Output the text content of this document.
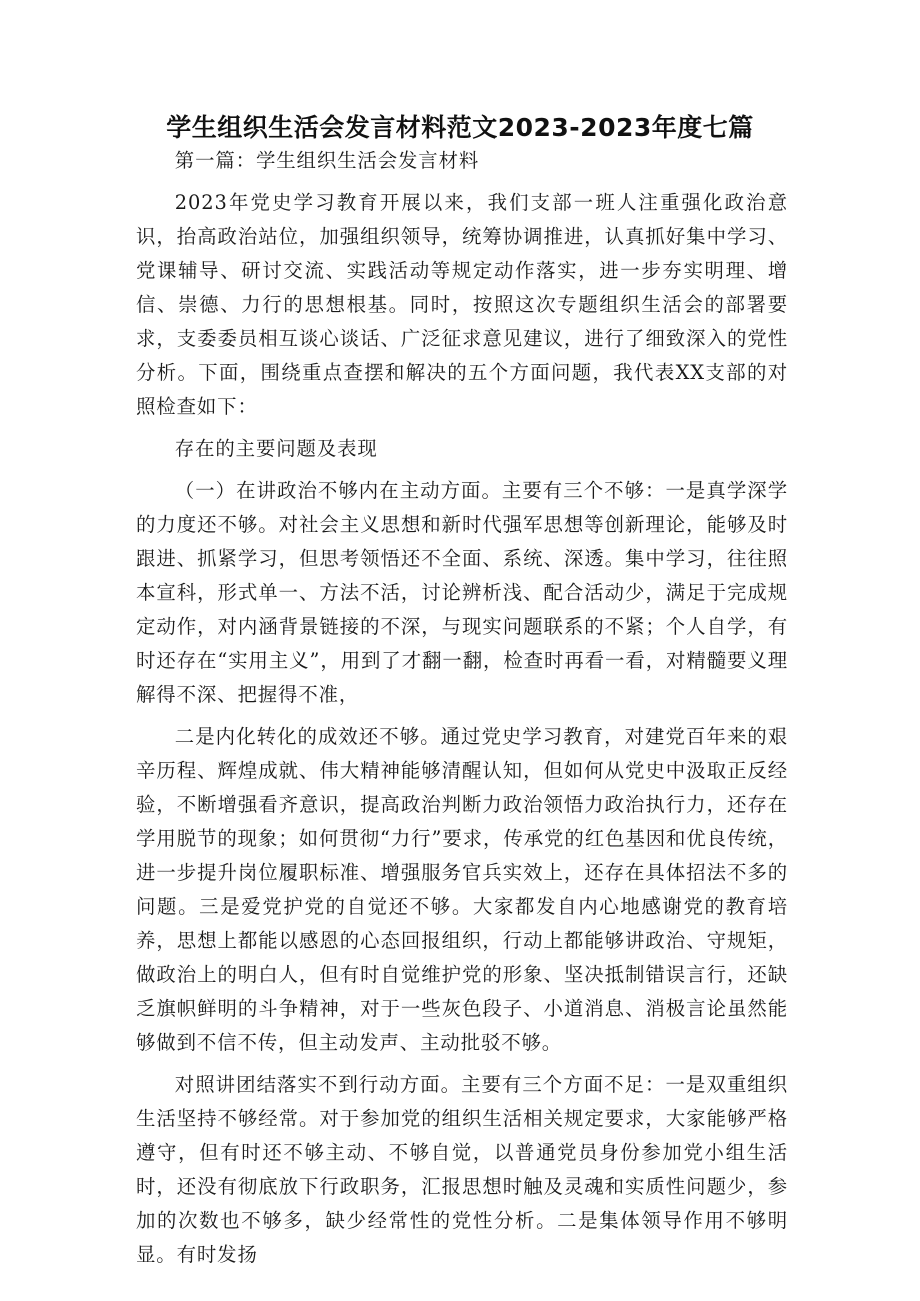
学生组织生活会发言材料范文2023-2023年度七篇

第一篇：学生组织生活会发言材料

2023年党史学习教育开展以来，我们支部一班人注重强化政治意识，抬高政治站位，加强组织领导，统筹协调推进，认真抓好集中学习、党课辅导、研讨交流、实践活动等规定动作落实，进一步夯实明理、增信、崇德、力行的思想根基。同时，按照这次专题组织生活会的部署要求，支委委员相互谈心谈话、广泛征求意见建议，进行了细致深入的党性分析。下面，围绕重点查摆和解决的五个方面问题，我代表XX支部的对照检查如下：

存在的主要问题及表现

（一）在讲政治不够内在主动方面。主要有三个不够：一是真学深学的力度还不够。对社会主义思想和新时代强军思想等创新理论，能够及时跟进、抓紧学习，但思考领悟还不全面、系统、深透。集中学习，往往照本宣科，形式单一、方法不活，讨论辨析浅、配合活动少，满足于完成规定动作，对内涵背景链接的不深，与现实问题联系的不紧；个人自学，有时还存在“实用主义”，用到了才翻一翻，检查时再看一看，对精髓要义理解得不深、把握得不准，

二是内化转化的成效还不够。通过党史学习教育，对建党百年来的艰辛历程、辉煌成就、伟大精神能够清醒认知，但如何从党史中汲取正反经验，不断增强看齐意识，提高政治判断力政治领悟力政治执行力，还存在学用脱节的现象；如何贯彻“力行”要求，传承党的红色基因和优良传统，进一步提升岗位履职标准、增强服务官兵实效上，还存在具体招法不多的问题。三是爱党护党的自觉还不够。大家都发自内心地感谢党的教育培养，思想上都能以感恩的心态回报组织，行动上都能够讲政治、守规矩，做政治上的明白人，但有时自觉维护党的形象、坚决抵制错误言行，还缺乏旗帜鲜明的斗争精神，对于一些灰色段子、小道消息、消极言论虽然能够做到不信不传，但主动发声、主动批驳不够。

对照讲团结落实不到行动方面。主要有三个方面不足：一是双重组织生活坚持不够经常。对于参加党的组织生活相关规定要求，大家能够严格遵守，但有时还不够主动、不够自觉，以普通党员身份参加党小组生活时，还没有彻底放下行政职务，汇报思想时触及灵魂和实质性问题少，参加的次数也不够多，缺少经常性的党性分析。二是集体领导作用不够明显。有时发扬
